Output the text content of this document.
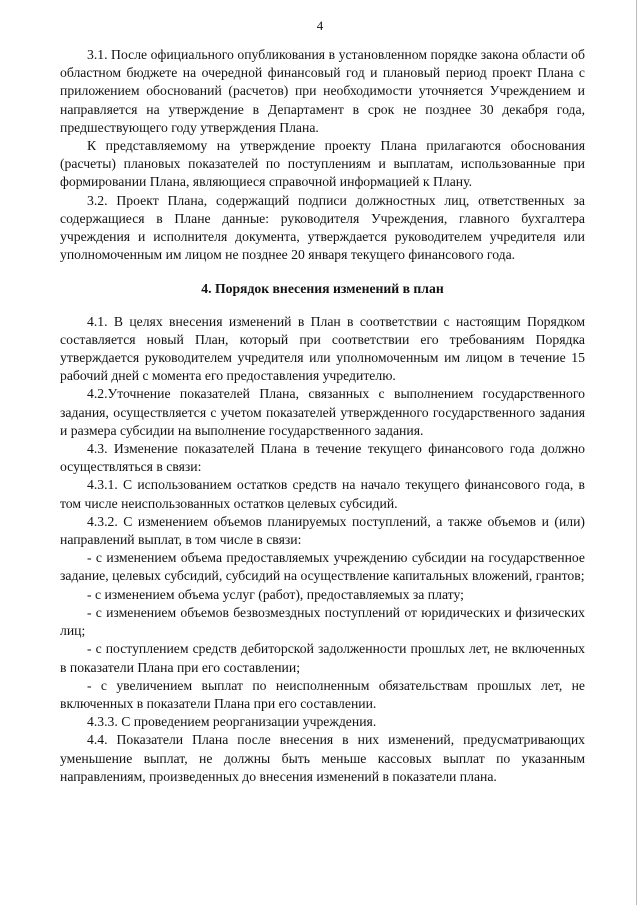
4

3.1. После официального опубликования в установленном порядке закона области об областном бюджете на очередной финансовый год и плановый период проект Плана с приложением обоснований (расчетов) при необходимости уточняется Учреждением и направляется на утверждение в Департамент в срок не позднее 30 декабря года, предшествующего году утверждения Плана.

К представляемому на утверждение проекту Плана прилагаются обоснования (расчеты) плановых показателей по поступлениям и выплатам, использованные при формировании Плана, являющиеся справочной информацией к Плану.

3.2. Проект Плана, содержащий подписи должностных лиц, ответственных за содержащиеся в Плане данные: руководителя Учреждения, главного бухгалтера учреждения и исполнителя документа, утверждается руководителем учредителя или уполномоченным им лицом не позднее 20 января текущего финансового года.

4. Порядок внесения изменений в план

4.1. В целях внесения изменений в План в соответствии с настоящим Порядком составляется новый План, который при соответствии его требованиям Порядка утверждается руководителем учредителя или уполномоченным им лицом в течение 15 рабочий дней с момента его предоставления учредителю.

4.2.Уточнение показателей Плана, связанных с выполнением государственного задания, осуществляется с учетом показателей утвержденного государственного задания и размера субсидии на выполнение государственного задания.

4.3. Изменение показателей Плана в течение текущего финансового года должно осуществляться в связи:

4.3.1. С использованием остатков средств на начало текущего финансового года, в том числе неиспользованных остатков целевых субсидий.

4.3.2. С изменением объемов планируемых поступлений, а также объемов и (или) направлений выплат, в том числе в связи:

- с изменением объема предоставляемых учреждению субсидии на государственное задание, целевых субсидий, субсидий на осуществление капитальных вложений, грантов;

- с изменением объема услуг (работ), предоставляемых за плату;

- с изменением объемов безвозмездных поступлений от юридических и физических лиц;

- с поступлением средств дебиторской задолженности прошлых лет, не включенных в показатели Плана при его составлении;

- с увеличением выплат по неисполненным обязательствам прошлых лет, не включенных в показатели Плана при его составлении.

4.3.3. С проведением реорганизации учреждения.

4.4. Показатели Плана после внесения в них изменений, предусматривающих уменьшение выплат, не должны быть меньше кассовых выплат по указанным направлениям, произведенных до внесения изменений в показатели плана.
